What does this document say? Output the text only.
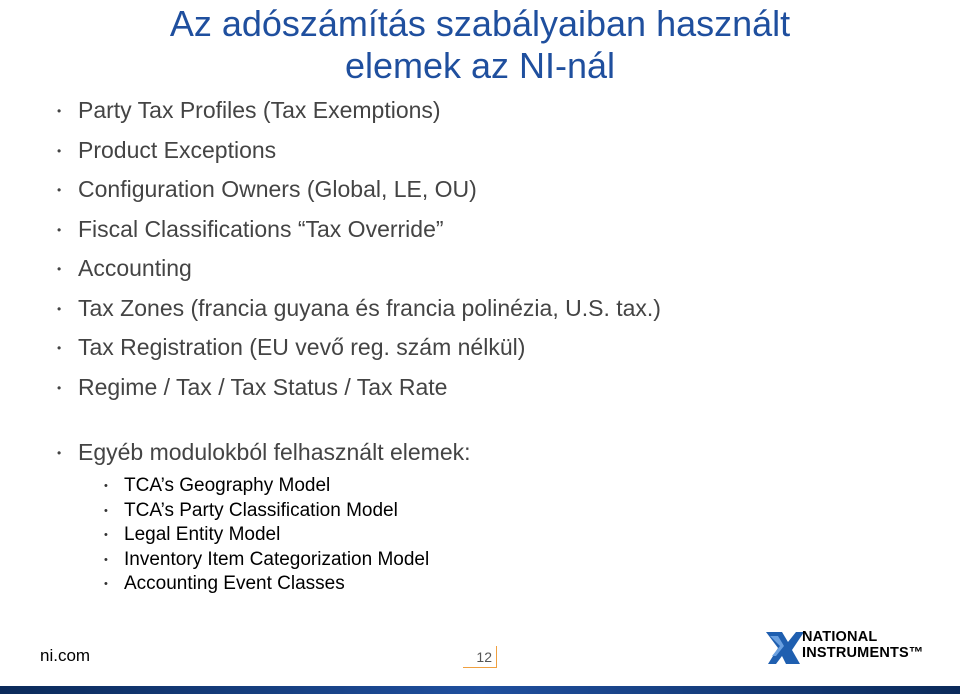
Az adószámítás szabályaiban használt
elemek az NI-nál
• Party Tax Profiles (Tax Exemptions)
• Product Exceptions
• Configuration Owners (Global, LE, OU)
• Fiscal Classifications “Tax Override”
• Accounting
• Tax Zones (francia guyana és francia polinézia, U.S. tax.)
• Tax Registration (EU vevő reg. szám nélkül)
• Regime / Tax / Tax Status / Tax Rate
• Egyéb modulokból felhasznált elemek:
• TCA’s Geography Model
• TCA’s Party Classification Model
• Legal Entity Model
• Inventory Item Categorization Model
• Accounting Event Classes
ni.com	12
NATIONAL
INSTRUMENTS™
